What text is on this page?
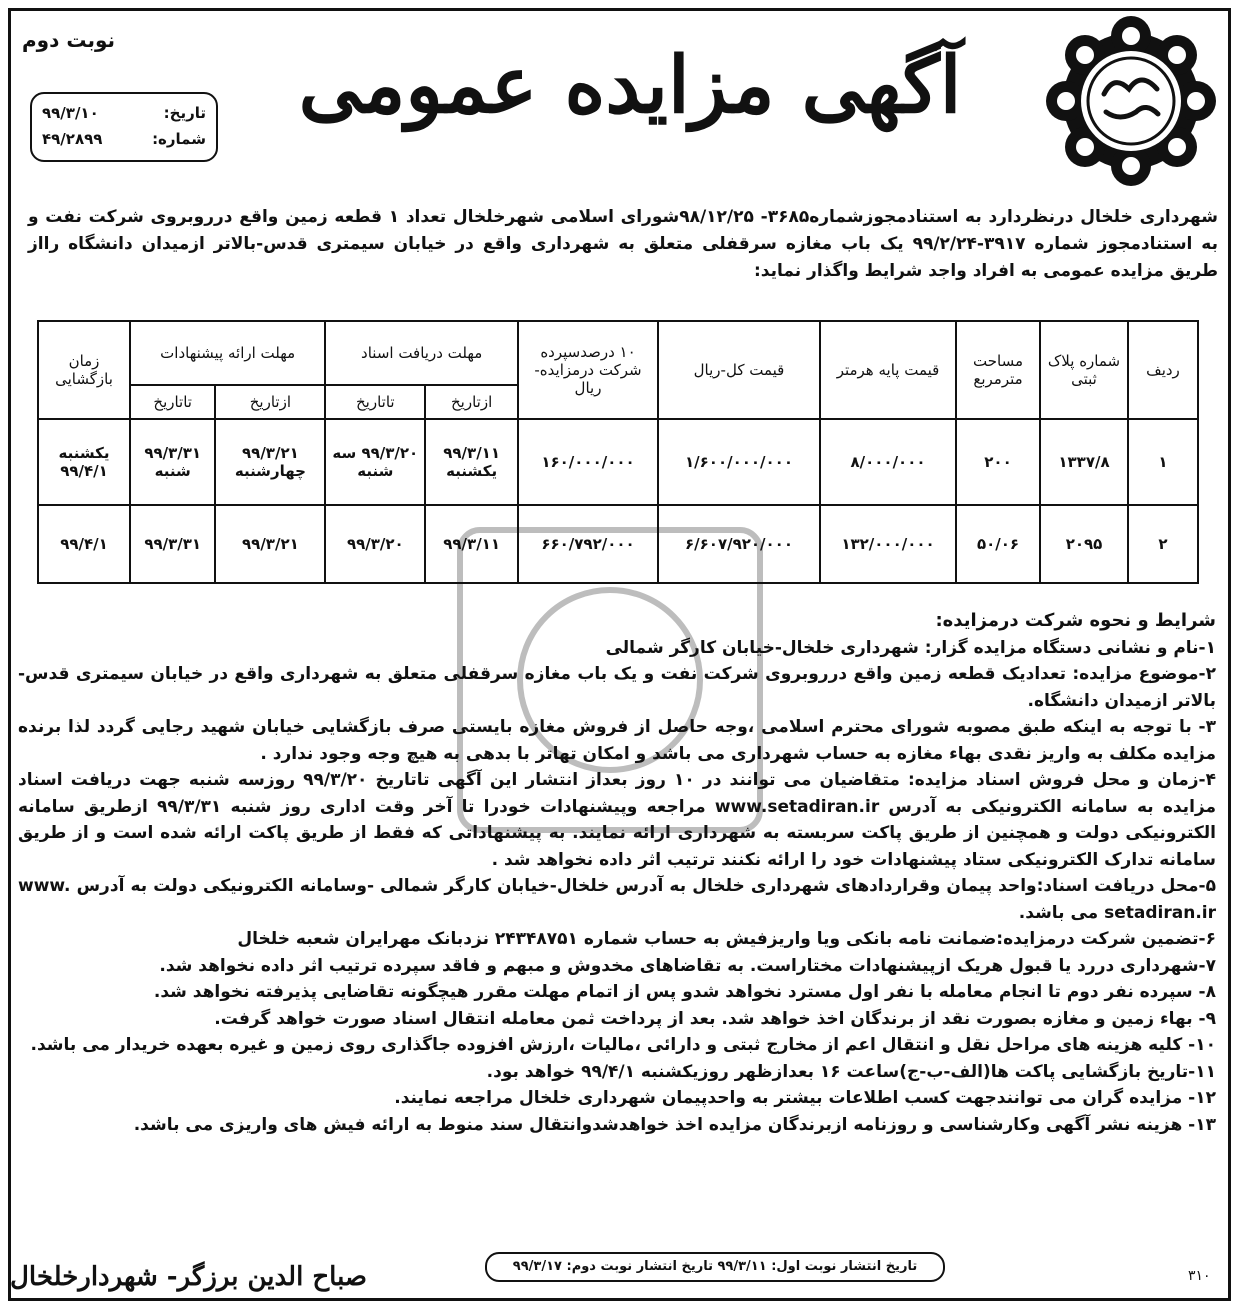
نوبت دوم
تاریخ:
۹۹/۳/۱۰
شماره:
۴۹/۲۸۹۹
آگهی مزایده عمومی
شهرداری خلخال درنظردارد به استنادمجوزشماره۳۶۸۵- ۹۸/۱۲/۲۵شورای اسلامی شهرخلخال تعداد ۱ قطعه زمین واقع درروبروی شرکت نفت و به استنادمجوز شماره ۳۹۱۷-۹۹/۲/۲۴ یک باب مغازه سرقفلی متعلق به شهرداری واقع در خیابان سیمتری قدس-بالاتر ازمیدان دانشگاه رااز طریق مزایده عمومی به افراد واجد شرایط واگذار نماید:
ردیف	شماره پلاک ثبتی	مساحت مترمربع	قیمت پایه هرمتر	قیمت کل-ریال	۱۰ درصدسپرده شرکت درمزایده-ریال	مهلت دریافت اسناد		مهلت ارائه پیشنهادات		زمان بازگشایی
						ازتاریخ	تاتاریخ	ازتاریخ	تاتاریخ	
۱	۱۳۳۷/۸	۲۰۰	۸/۰۰۰/۰۰۰	۱/۶۰۰/۰۰۰/۰۰۰	۱۶۰/۰۰۰/۰۰۰	۹۹/۳/۱۱ یکشنبه	۹۹/۳/۲۰ سه شنبه	۹۹/۳/۲۱ چهارشنبه	۹۹/۳/۳۱ شنبه	یکشنبه ۹۹/۴/۱
۲	۲۰۹۵	۵۰/۰۶	۱۳۲/۰۰۰/۰۰۰	۶/۶۰۷/۹۲۰/۰۰۰	۶۶۰/۷۹۲/۰۰۰	۹۹/۳/۱۱	۹۹/۳/۲۰	۹۹/۳/۲۱	۹۹/۳/۳۱	۹۹/۴/۱

شرایط و نحوه شرکت درمزایده:

۱-نام و نشانی دستگاه مزایده گزار: شهرداری خلخال-خیابان کارگر شمالی

۲-موضوع مزایده: تعدادیک قطعه زمین واقع درروبروی شرکت نفت و یک باب مغازه سرقفلی متعلق به شهرداری واقع در خیابان سیمتری قدس-بالاتر ازمیدان دانشگاه.

۳- با توجه به اینکه طبق مصوبه شورای محترم اسلامی ،وجه حاصل از فروش مغازه بایستی صرف بازگشایی خیابان شهید رجایی گردد لذا برنده مزایده مکلف به واریز نقدی بهاء مغازه به حساب شهرداری می باشد و امکان تهاتر با بدهی به هیچ وجه وجود ندارد .

۴-زمان و محل فروش اسناد مزایده: متقاضیان می توانند در ۱۰ روز بعداز انتشار این آگهی تاتاریخ ۹۹/۳/۲۰ روزسه شنبه جهت دریافت اسناد مزایده به سامانه الکترونیکی به آدرس www.setadiran.ir مراجعه وپیشنهادات خودرا تا آخر وقت اداری روز شنبه ۹۹/۳/۳۱ ازطریق سامانه الکترونیکی دولت و همچنین از طریق پاکت سربسته به شهرداری ارائه نمایند. به پیشنهاداتی که فقط از طریق پاکت ارائه شده است و از طریق سامانه تدارک الکترونیکی ستاد پیشنهادات خود را ارائه نکنند ترتیب اثر داده نخواهد شد .

۵-محل دریافت اسناد:واحد پیمان وقراردادهای شهرداری خلخال به آدرس خلخال-خیابان کارگر شمالی -وسامانه الکترونیکی دولت به آدرس www. setadiran.ir می باشد.

۶-تضمین شرکت درمزایده:ضمانت نامه بانکی ویا واریزفیش به حساب شماره ۲۴۳۴۸۷۵۱ نزدبانک مهرایران شعبه خلخال

۷-شهرداری دررد یا قبول هریک ازپیشنهادات مختاراست. به تقاضاهای مخدوش و مبهم و فاقد سپرده ترتیب اثر داده نخواهد شد.

۸- سپرده نفر دوم تا انجام معامله با نفر اول مسترد نخواهد شدو پس از اتمام مهلت مقرر هیچگونه تقاضایی پذیرفته نخواهد شد.

۹- بهاء زمین و مغازه بصورت نقد از برندگان اخذ خواهد شد. بعد از پرداخت ثمن معامله انتقال اسناد صورت خواهد گرفت.

۱۰- کلیه هزینه های مراحل نقل و انتقال اعم از مخارج ثبتی و دارائی ،مالیات ،ارزش افزوده جاگذاری روی زمین و غیره بعهده خریدار می باشد.

۱۱-تاریخ بازگشایی پاکت ها(الف-ب-ج)ساعت ۱۶ بعدازظهر روزیکشنبه ۹۹/۴/۱ خواهد بود.

۱۲- مزایده گران می توانندجهت کسب اطلاعات بیشتر به واحدپیمان شهرداری خلخال مراجعه نمایند.

۱۳- هزینه نشر آگهی وکارشناسی و روزنامه ازبرندگان مزایده اخذ خواهدشدوانتقال سند منوط به ارائه فیش های واریزی می باشد.

تاریخ انتشار نوبت اول: ۹۹/۳/۱۱ تاریخ انتشار نوبت دوم: ۹۹/۳/۱۷
صباح الدین برزگر- شهردارخلخال	۳۱۰
